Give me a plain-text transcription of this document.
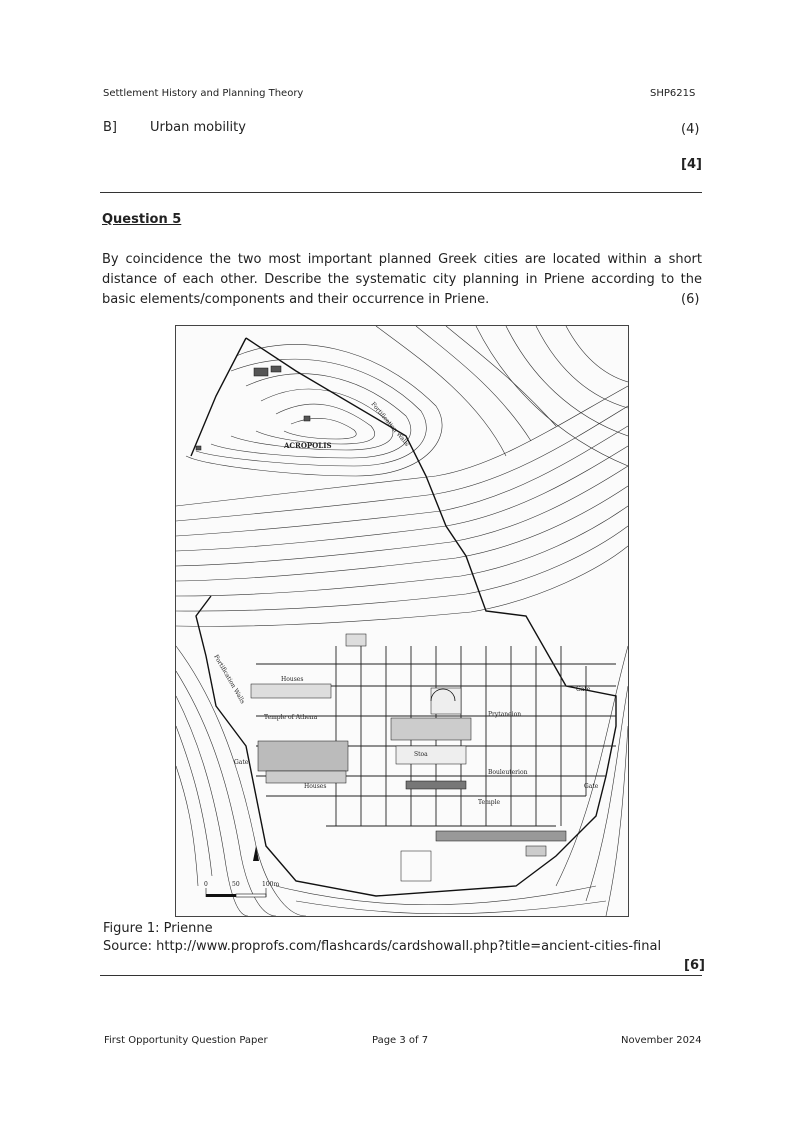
Settlement History and Planning Theory	SHP621S
B]	Urban mobility	(4)
[4]
Question 5
By coincidence the two most important planned Greek cities are located within a short distance of each other. Describe the systematic city planning in Priene according to the basic elements/components and their occurrence in Priene.	(6)
ACROPOLIS	Fortification Walls
Fortification Walls	Houses
Temple of Athena	Prytaneion
Stoa
Bouleuterion
Houses
Temple
Gate
Gate
Gate
0	50	100m
Figure 1: Prienne
Source: http://www.proprofs.com/flashcards/cardshowall.php?title=ancient-cities-final
[6]
First Opportunity Question Paper	Page 3 of 7	November 2024
